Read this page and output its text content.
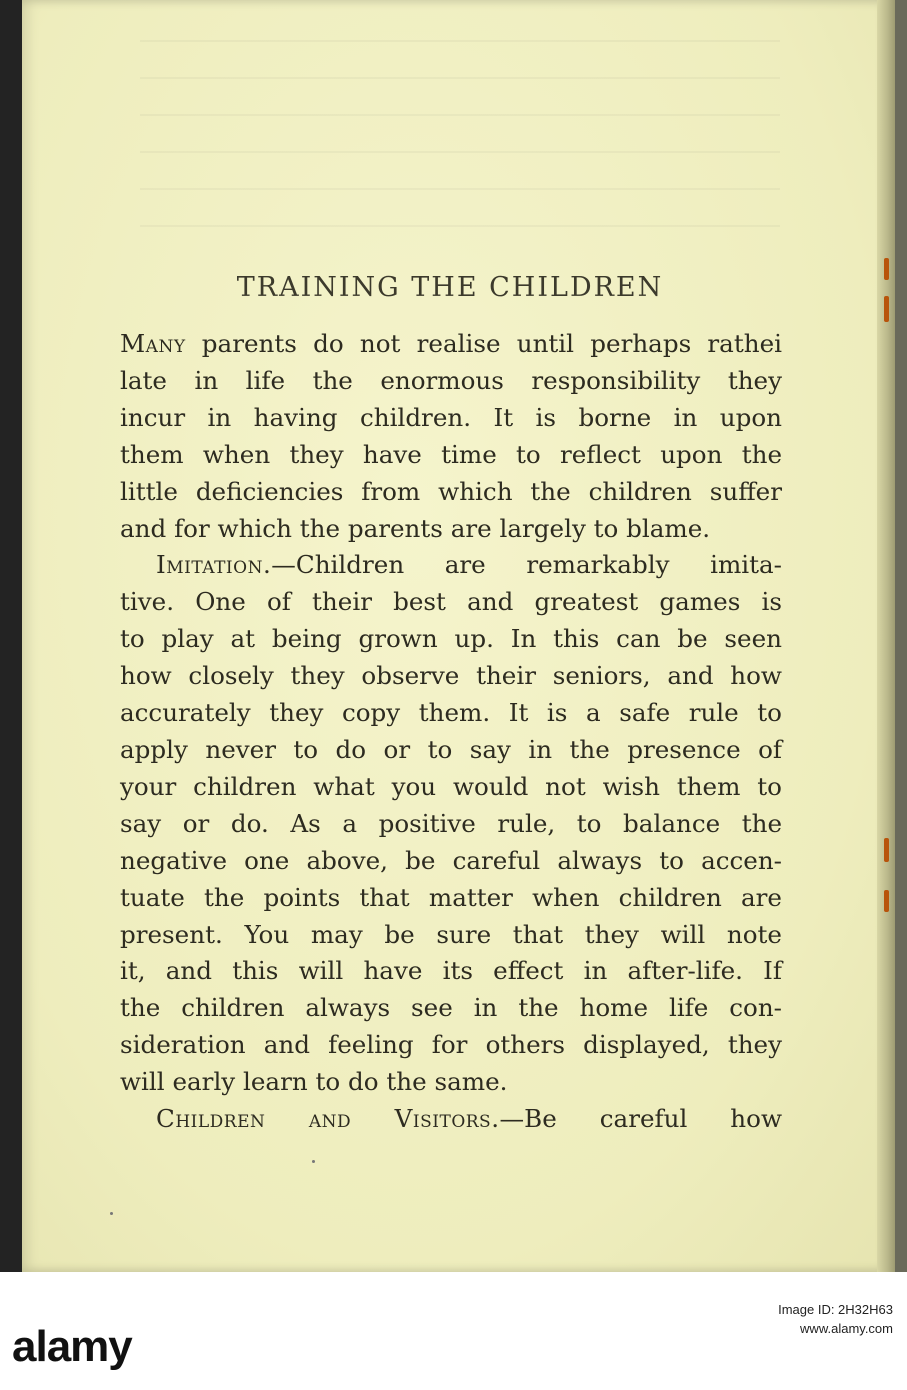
TRAINING THE CHILDREN
Many parents do not realise until perhaps rathei
late in life the enormous responsibility they
incur in having children. It is borne in upon
them when they have time to reflect upon the
little deficiencies from which the children suffer
and for which the parents are largely to blame.
Imitation.—Children are remarkably imita-
tive. One of their best and greatest games is
to play at being grown up. In this can be seen
how closely they observe their seniors, and how
accurately they copy them. It is a safe rule to
apply never to do or to say in the presence of
your children what you would not wish them to
say or do. As a positive rule, to balance the
negative one above, be careful always to accen-
tuate the points that matter when children are
present. You may be sure that they will note
it, and this will have its effect in after-life. If
the children always see in the home life con-
sideration and feeling for others displayed, they
will early learn to do the same.
Children and Visitors.—Be careful how
alamy
Image ID: 2H32H63
www.alamy.com
